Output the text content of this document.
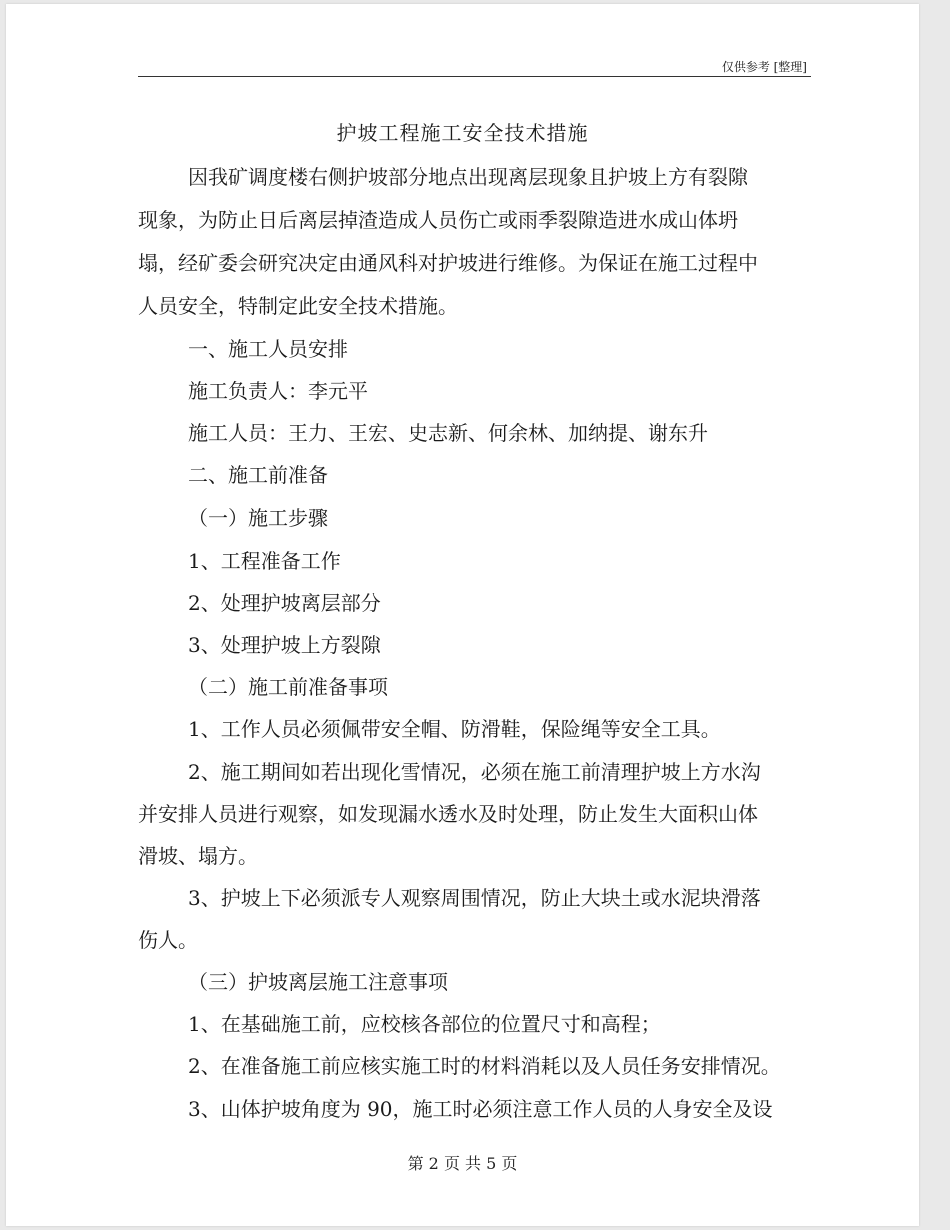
仅供参考 [整理]
护坡工程施工安全技术措施
因我矿调度楼右侧护坡部分地点出现离层现象且护坡上方有裂隙
现象，为防止日后离层掉渣造成人员伤亡或雨季裂隙造进水成山体坍
塌，经矿委会研究决定由通风科对护坡进行维修。为保证在施工过程中
人员安全，特制定此安全技术措施。
一、施工人员安排
施工负责人：李元平
施工人员：王力、王宏、史志新、何余林、加纳提、谢东升
二、施工前准备
（一）施工步骤
1、工程准备工作
2、处理护坡离层部分
3、处理护坡上方裂隙
（二）施工前准备事项
1、工作人员必须佩带安全帽、防滑鞋，保险绳等安全工具。
2、施工期间如若出现化雪情况，必须在施工前清理护坡上方水沟
并安排人员进行观察，如发现漏水透水及时处理，防止发生大面积山体
滑坡、塌方。
3、护坡上下必须派专人观察周围情况，防止大块土或水泥块滑落
伤人。
（三）护坡离层施工注意事项
1、在基础施工前，应校核各部位的位置尺寸和高程；
2、在准备施工前应核实施工时的材料消耗以及人员任务安排情况。
3、山体护坡角度为 90，施工时必须注意工作人员的人身安全及设
第 2 页 共 5 页
